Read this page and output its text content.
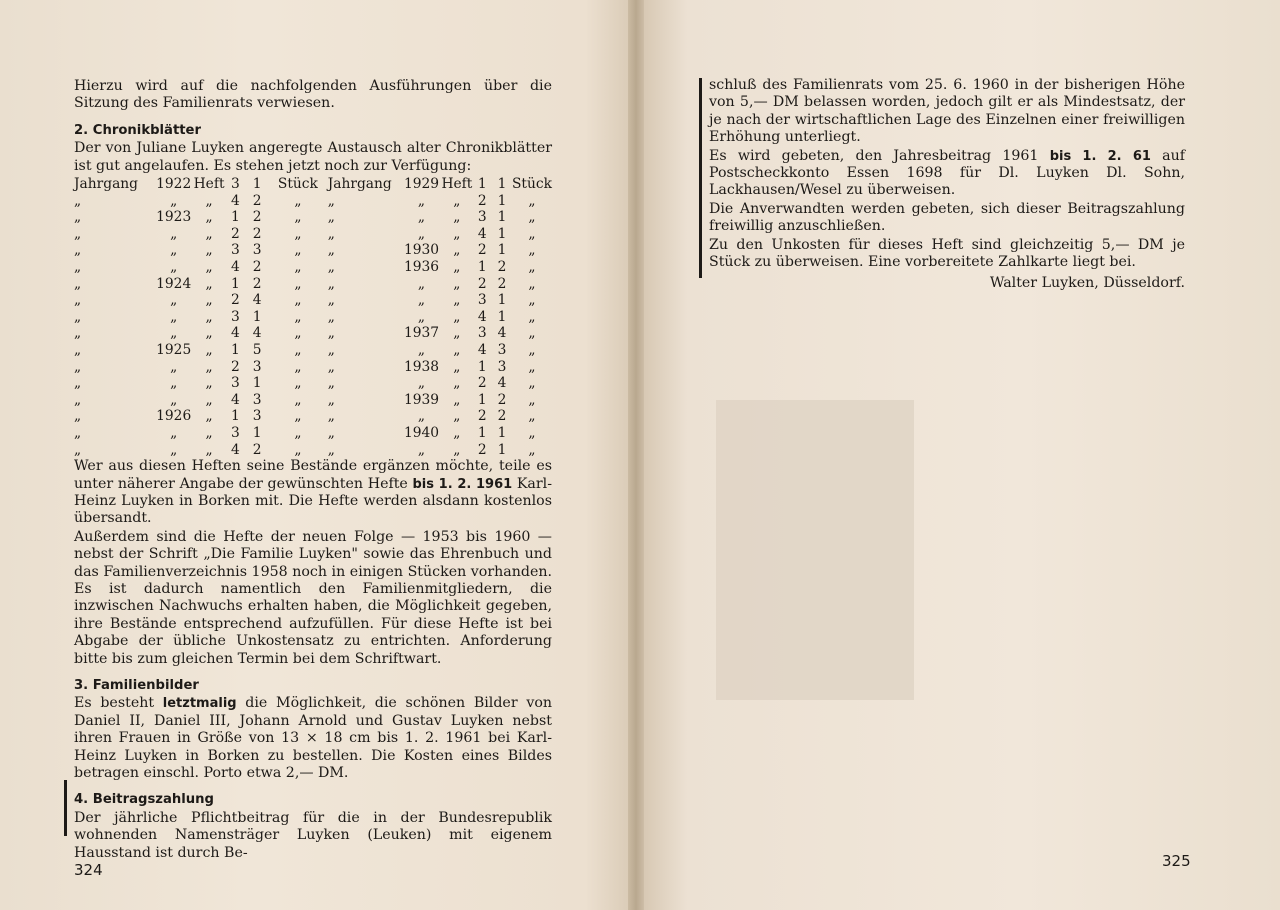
Hierzu wird auf die nachfolgenden Ausführungen über die Sitzung des Familienrats verwiesen.

2. Chronikblätter

Der von Juliane Luyken angeregte Austausch alter Chronikblätter ist gut angelaufen. Es stehen jetzt noch zur Verfügung:

Jahrgang	1922	Heft	3	1	Stück	Jahrgang	1929	Heft	1	1	Stück
„	„	„	4	2	„	„	„	„	2	1	„
„	1923	„	1	2	„	„	„	„	3	1	„
„	„	„	2	2	„	„	„	„	4	1	„
„	„	„	3	3	„	„	1930	„	2	1	„
„	„	„	4	2	„	„	1936	„	1	2	„
„	1924	„	1	2	„	„	„	„	2	2	„
„	„	„	2	4	„	„	„	„	3	1	„
„	„	„	3	1	„	„	„	„	4	1	„
„	„	„	4	4	„	„	1937	„	3	4	„
„	1925	„	1	5	„	„	„	„	4	3	„
„	„	„	2	3	„	„	1938	„	1	3	„
„	„	„	3	1	„	„	„	„	2	4	„
„	„	„	4	3	„	„	1939	„	1	2	„
„	1926	„	1	3	„	„	„	„	2	2	„
„	„	„	3	1	„	„	1940	„	1	1	„
„	„	„	4	2	„	„	„	„	2	1	„

Wer aus diesen Heften seine Bestände ergänzen möchte, teile es unter näherer Angabe der gewünschten Hefte bis 1. 2. 1961 Karl-Heinz Luyken in Borken mit. Die Hefte werden alsdann kostenlos übersandt.

Außerdem sind die Hefte der neuen Folge — 1953 bis 1960 — nebst der Schrift „Die Familie Luyken" sowie das Ehrenbuch und das Familienverzeichnis 1958 noch in einigen Stücken vorhanden. Es ist dadurch namentlich den Familienmitgliedern, die inzwischen Nachwuchs erhalten haben, die Möglichkeit gegeben, ihre Bestände entsprechend aufzufüllen. Für diese Hefte ist bei Abgabe der übliche Unkostensatz zu entrichten. Anforderung bitte bis zum gleichen Termin bei dem Schriftwart.

3. Familienbilder

Es besteht letztmalig die Möglichkeit, die schönen Bilder von Daniel II, Daniel III, Johann Arnold und Gustav Luyken nebst ihren Frauen in Größe von 13 × 18 cm bis 1. 2. 1961 bei Karl-Heinz Luyken in Borken zu bestellen. Die Kosten eines Bildes betragen einschl. Porto etwa 2,— DM.

4. Beitragszahlung

Der jährliche Pflichtbeitrag für die in der Bundesrepublik wohnenden Namensträger Luyken (Leuken) mit eigenem Hausstand ist durch Be-

324

schluß des Familienrats vom 25. 6. 1960 in der bisherigen Höhe von 5,— DM belassen worden, jedoch gilt er als Mindestsatz, der je nach der wirtschaftlichen Lage des Einzelnen einer freiwilligen Erhöhung unterliegt.

Es wird gebeten, den Jahresbeitrag 1961 bis 1. 2. 61 auf Postscheckkonto Essen 1698 für Dl. Luyken Dl. Sohn, Lackhausen/Wesel zu überweisen.

Die Anverwandten werden gebeten, sich dieser Beitragszahlung freiwillig anzuschließen.

Zu den Unkosten für dieses Heft sind gleichzeitig 5,— DM je Stück zu überweisen. Eine vorbereitete Zahlkarte liegt bei.

Walter Luyken, Düsseldorf.

325
